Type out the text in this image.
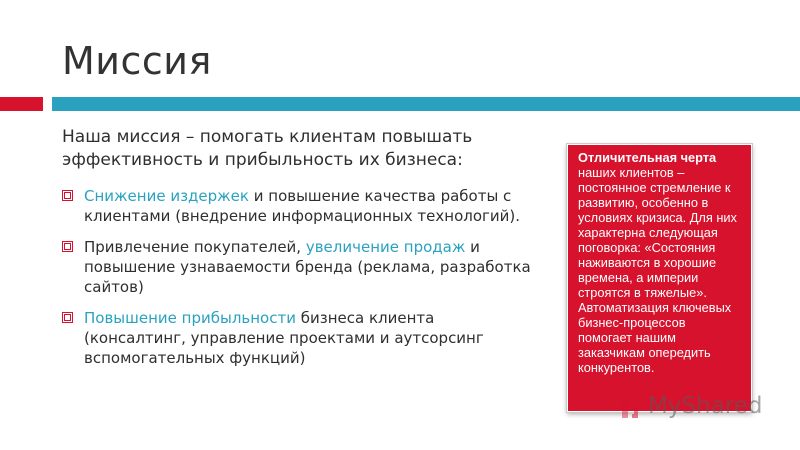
Миссия
Наша миссия – помогать клиентам повышать эффективность и прибыльность их бизнеса:
Снижение издержек и повышение качества работы с клиентами (внедрение информационных технологий).
Привлечение покупателей, увеличение продаж и повышение узнаваемости бренда (реклама, разработка сайтов)
Повышение прибыльности бизнеса клиента (консалтинг, управление проектами и аутсорсинг вспомогательных функций)

Отличительная черта наших клиентов – постоянное стремление к развитию, особенно в условиях кризиса. Для них характерна следующая поговорка: «Состояния наживаются в хорошие времена, а империи строятся в тяжелые». Автоматизация ключевых бизнес-процессов помогает нашим заказчикам опередить конкурентов.

MyShared
